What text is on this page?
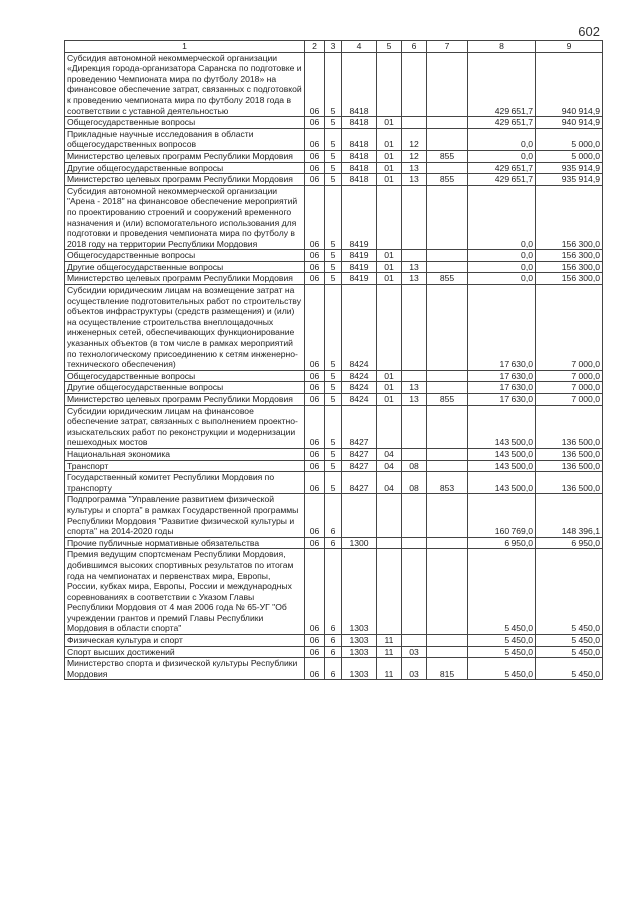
602
1	2	3	4	5	6	7	8	9
Субсидия автономной некоммерческой организации «Дирекция города-организатора Саранска по подготовке и проведению Чемпионата мира по футболу 2018» на финансовое обеспечение затрат, связанных с подготовкой к проведению чемпионата мира по футболу 2018 года в соответствии с уставной деятельностью	06	5	8418				429 651,7	940 914,9
Общегосударственные вопросы	06	5	8418	01			429 651,7	940 914,9
Прикладные научные исследования в области общегосударственных вопросов	06	5	8418	01	12		0,0	5 000,0
Министерство целевых программ Республики Мордовия	06	5	8418	01	12	855	0,0	5 000,0
Другие общегосударственные вопросы	06	5	8418	01	13		429 651,7	935 914,9
Министерство целевых программ Республики Мордовия	06	5	8418	01	13	855	429 651,7	935 914,9
Субсидия автономной некоммерческой организации "Арена - 2018" на финансовое обеспечение мероприятий по проектированию строений и сооружений временного назначения и (или) вспомогательного использования для подготовки и проведения чемпионата мира по футболу в 2018 году на территории Республики Мордовия	06	5	8419				0,0	156 300,0
Общегосударственные вопросы	06	5	8419	01			0,0	156 300,0
Другие общегосударственные вопросы	06	5	8419	01	13		0,0	156 300,0
Министерство целевых программ Республики Мордовия	06	5	8419	01	13	855	0,0	156 300,0
Субсидии юридическим лицам на возмещение затрат на осуществление подготовительных работ по строительству объектов инфраструктуры (средств размещения) и (или) на осуществление строительства внеплощадочных инженерных сетей, обеспечивающих функционирование указанных объектов (в том числе в рамках мероприятий по технологическому присоединению к сетям инженерно-технического обеспечения)	06	5	8424				17 630,0	7 000,0
Общегосударственные вопросы	06	5	8424	01			17 630,0	7 000,0
Другие общегосударственные вопросы	06	5	8424	01	13		17 630,0	7 000,0
Министерство целевых программ Республики Мордовия	06	5	8424	01	13	855	17 630,0	7 000,0
Субсидии юридическим лицам на финансовое обеспечение затрат, связанных с выполнением проектно-изыскательских работ по реконструкции и модернизации пешеходных мостов	06	5	8427				143 500,0	136 500,0
Национальная экономика	06	5	8427	04			143 500,0	136 500,0
Транспорт	06	5	8427	04	08		143 500,0	136 500,0
Государственный комитет Республики Мордовия по транспорту	06	5	8427	04	08	853	143 500,0	136 500,0
Подпрограмма "Управление развитием физической культуры и спорта" в рамках Государственной программы Республики Мордовия "Развитие физической культуры и спорта" на 2014-2020 годы	06	6					160 769,0	148 396,1
Прочие публичные нормативные обязательства	06	6	1300				6 950,0	6 950,0
Премия ведущим спортсменам Республики Мордовия, добившимся высоких спортивных результатов по итогам года на чемпионатах и первенствах мира, Европы, России, кубках мира, Европы, России и международных соревнованиях в соответствии с Указом Главы Республики Мордовия от 4 мая 2006 года № 65-УГ "Об учреждении грантов и премий Главы Республики Мордовия в области спорта"	06	6	1303				5 450,0	5 450,0
Физическая культура и спорт	06	6	1303	11			5 450,0	5 450,0
Спорт высших достижений	06	6	1303	11	03		5 450,0	5 450,0
Министерство спорта и физической культуры Республики Мордовия	06	6	1303	11	03	815	5 450,0	5 450,0
